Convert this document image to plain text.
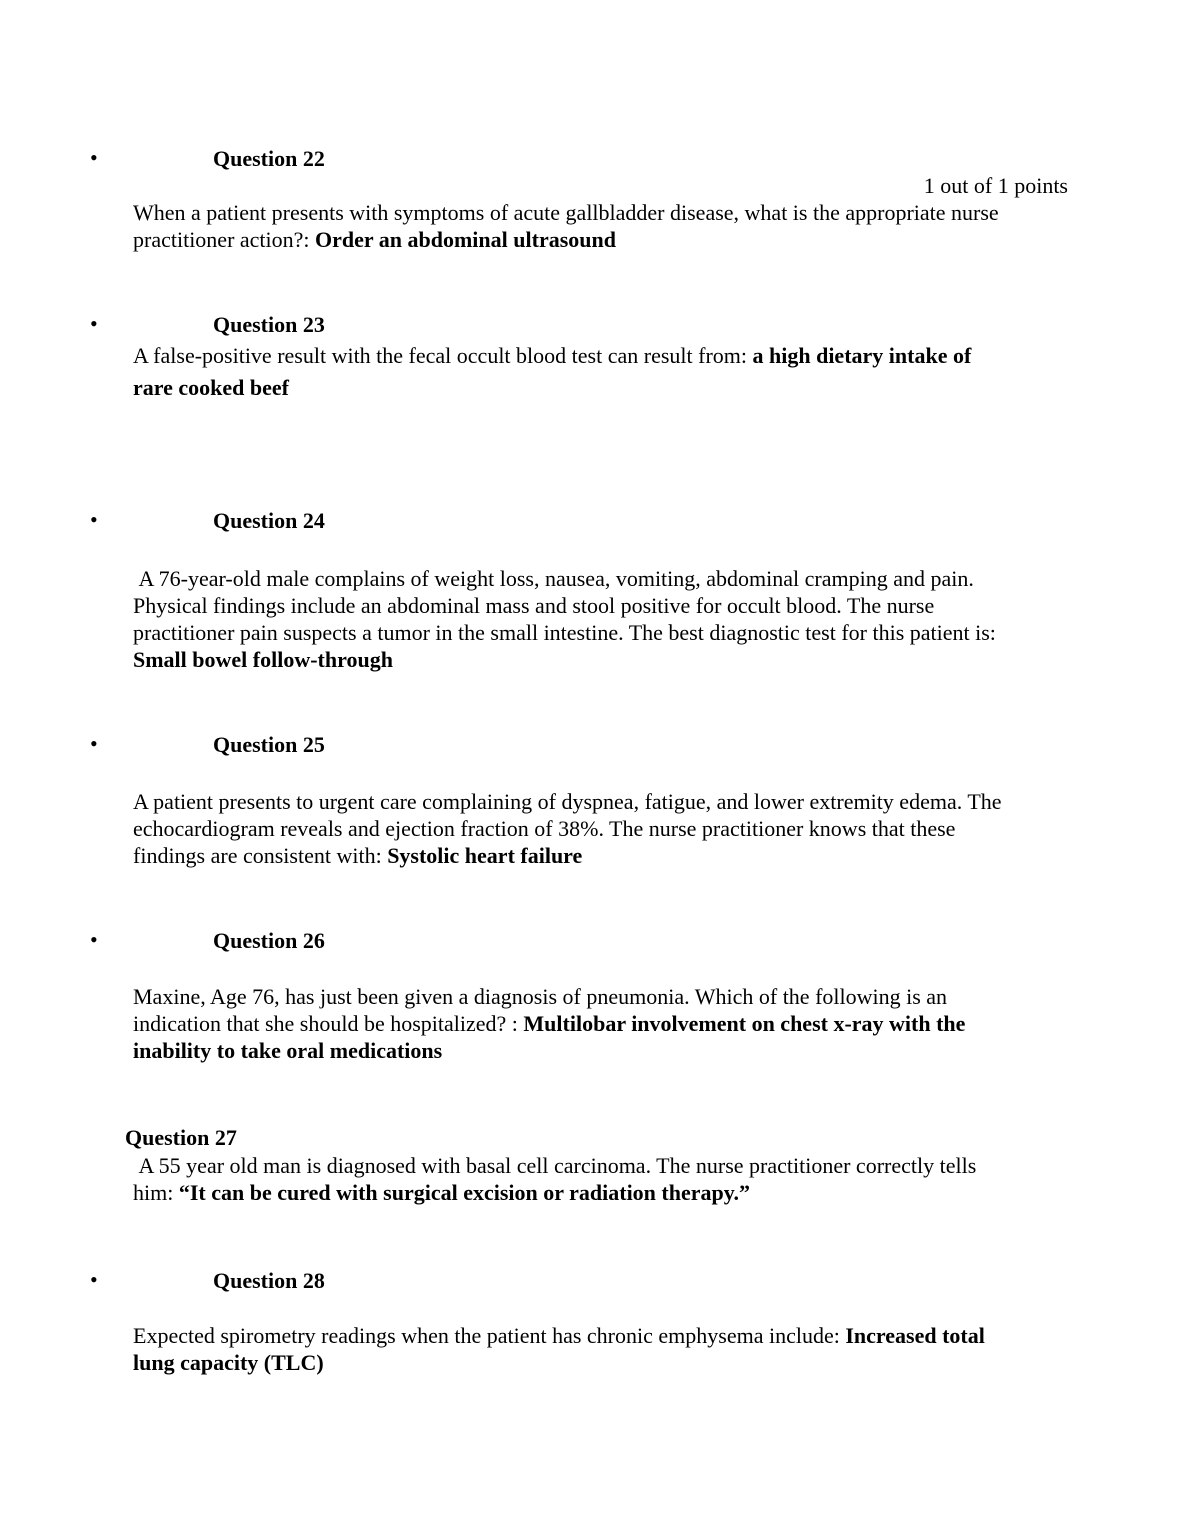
•	Question 22
1 out of 1 points

When a patient presents with symptoms of acute gallbladder disease, what is the appropriate nurse practitioner action?: Order an abdominal ultrasound

•	Question 23

A false-positive result with the fecal occult blood test can result from: a high dietary intake of rare cooked beef

•	Question 24

A 76-year-old male complains of weight loss, nausea, vomiting, abdominal cramping and pain. Physical findings include an abdominal mass and stool positive for occult blood. The nurse practitioner pain suspects a tumor in the small intestine. The best diagnostic test for this patient is: Small bowel follow-through

•	Question 25

A patient presents to urgent care complaining of dyspnea, fatigue, and lower extremity edema. The echocardiogram reveals and ejection fraction of 38%. The nurse practitioner knows that these findings are consistent with: Systolic heart failure

•	Question 26

Maxine, Age 76, has just been given a diagnosis of pneumonia. Which of the following is an indication that she should be hospitalized? : Multilobar involvement on chest x-ray with the inability to take oral medications

Question 27

A 55 year old man is diagnosed with basal cell carcinoma. The nurse practitioner correctly tells him: “It can be cured with surgical excision or radiation therapy.”

•	Question 28

Expected spirometry readings when the patient has chronic emphysema include: Increased total lung capacity (TLC)
